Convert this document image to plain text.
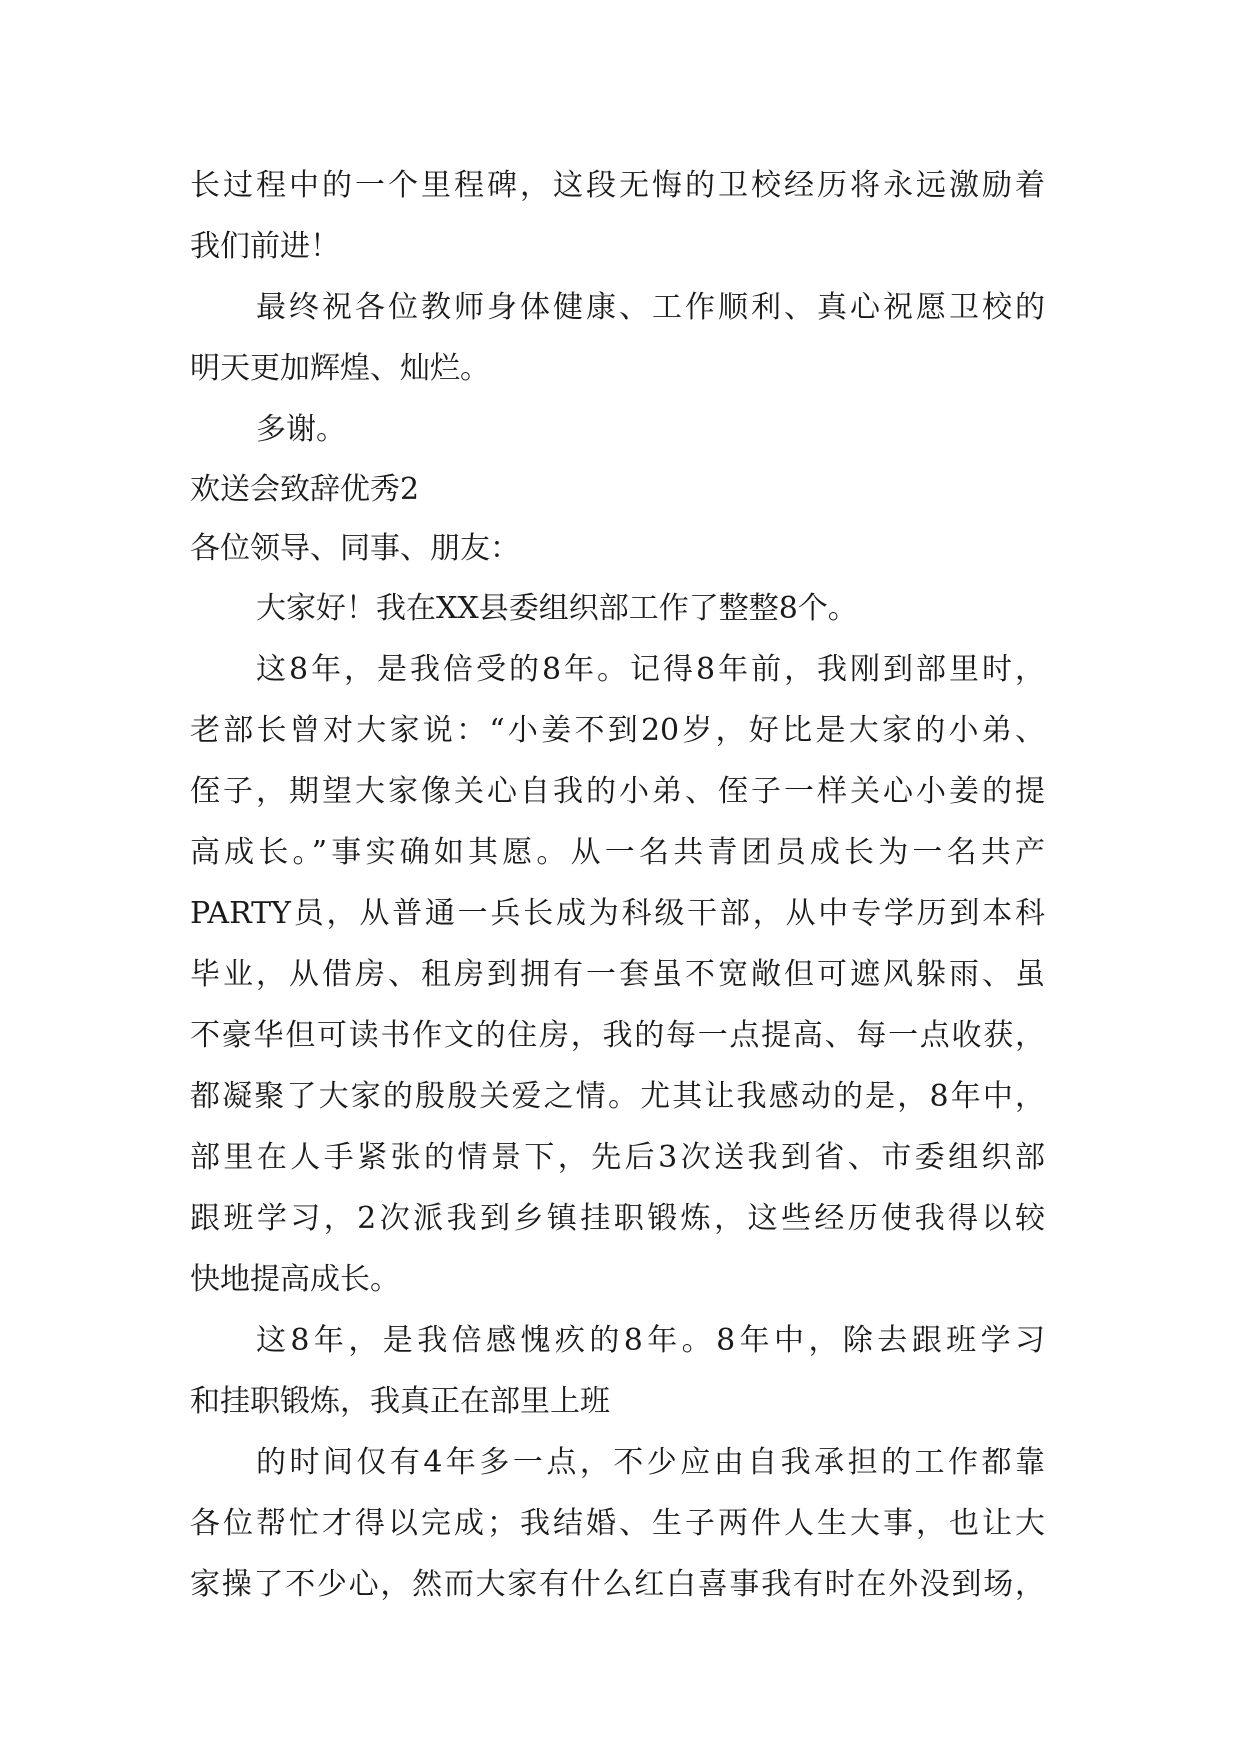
长过程中的一个里程碑，这段无悔的卫校经历将永远激励着
我们前进！
最终祝各位教师身体健康、工作顺利、真心祝愿卫校的
明天更加辉煌、灿烂。
多谢。
欢送会致辞优秀2
各位领导、同事、朋友：
大家好！我在XX县委组织部工作了整整8个。
这8年，是我倍受的8年。记得8年前，我刚到部里时，
老部长曾对大家说：“小姜不到20岁，好比是大家的小弟、
侄子，期望大家像关心自我的小弟、侄子一样关心小姜的提
高成长。”事实确如其愿。从一名共青团员成长为一名共产
PARTY员，从普通一兵长成为科级干部，从中专学历到本科
毕业，从借房、租房到拥有一套虽不宽敞但可遮风躲雨、虽
不豪华但可读书作文的住房，我的每一点提高、每一点收获，
都凝聚了大家的殷殷关爱之情。尤其让我感动的是，8年中，
部里在人手紧张的情景下，先后3次送我到省、市委组织部
跟班学习，2次派我到乡镇挂职锻炼，这些经历使我得以较
快地提高成长。
这8年，是我倍感愧疚的8年。8年中，除去跟班学习
和挂职锻炼，我真正在部里上班
的时间仅有4年多一点，不少应由自我承担的工作都靠
各位帮忙才得以完成；我结婚、生子两件人生大事，也让大
家操了不少心，然而大家有什么红白喜事我有时在外没到场，
